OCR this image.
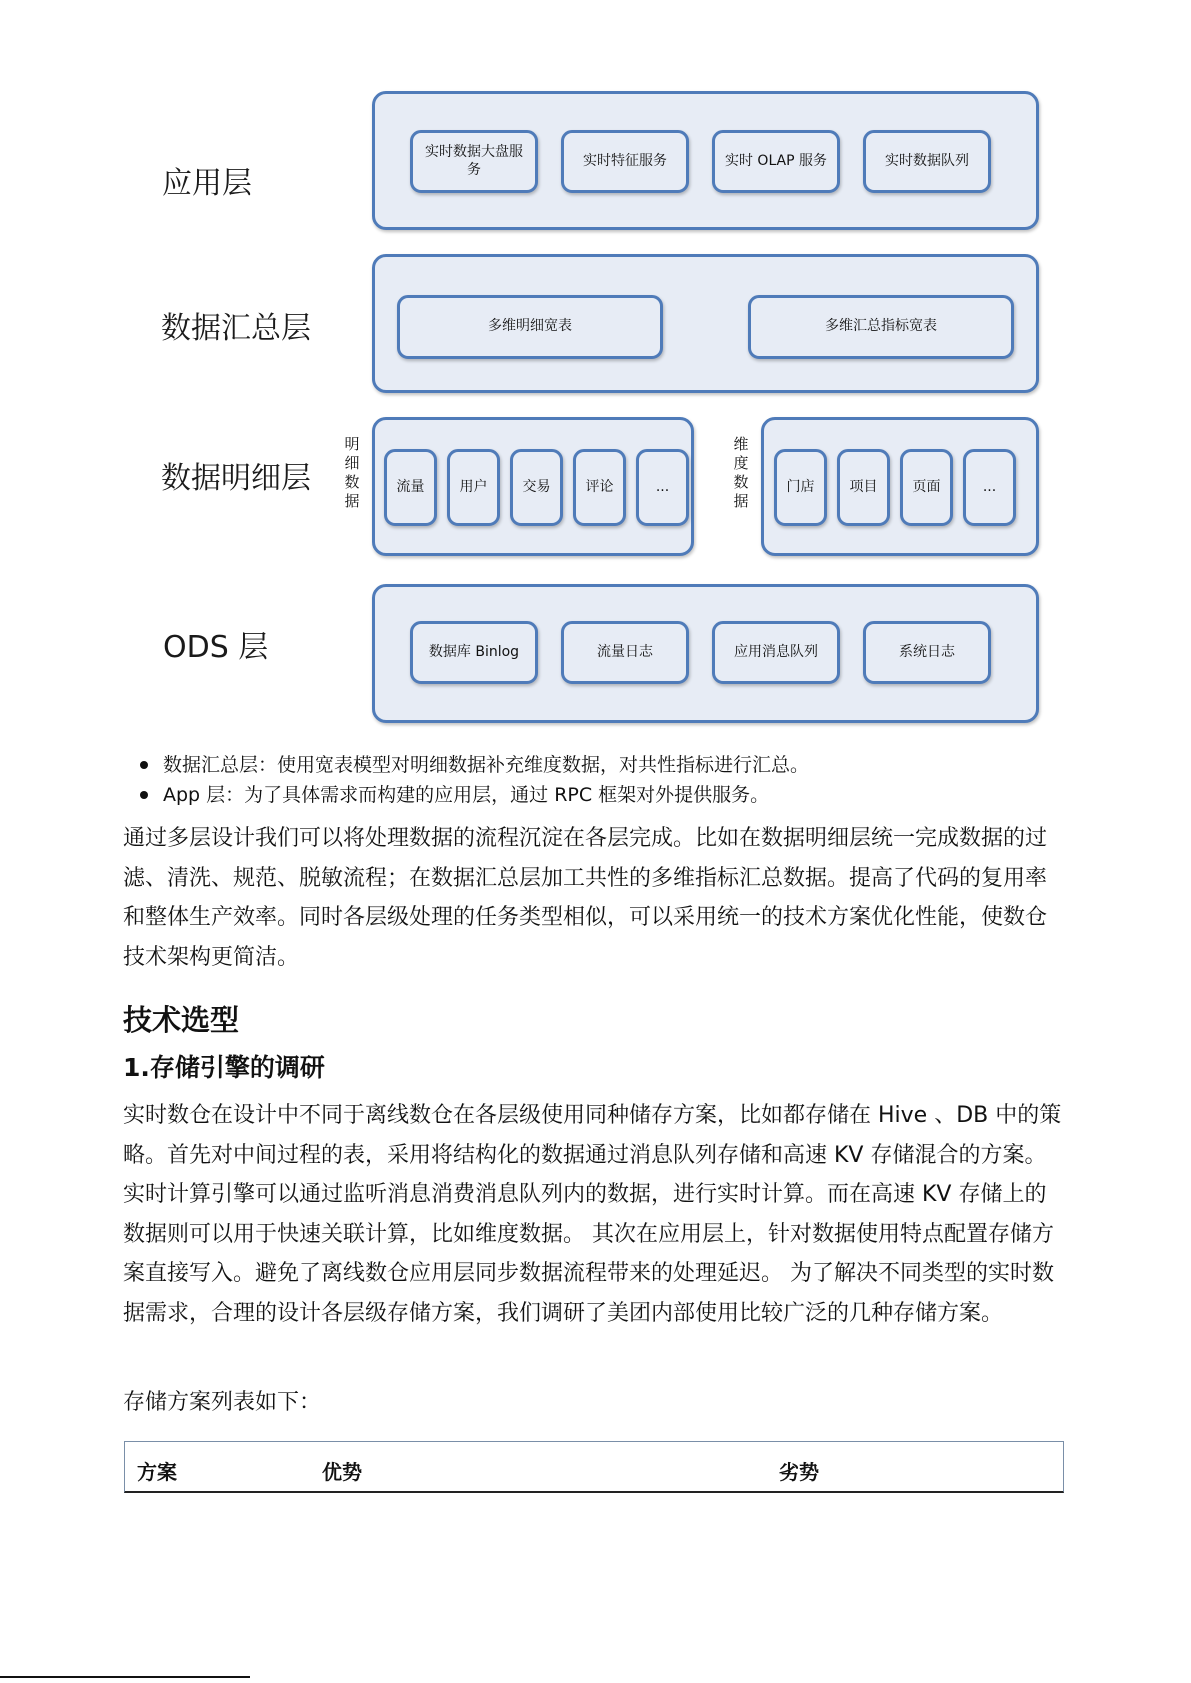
应用层
数据汇总层
数据明细层
ODS 层
实时数据大盘服务
实时特征服务	实时 OLAP 服务	实时数据队列
多维明细宽表	多维汇总指标宽表
明细数据
流量	用户	交易	评论	...
维度数据
门店	项目	页面	...
数据库 Binlog	流量日志	应用消息队列	系统日志
数据汇总层：使用宽表模型对明细数据补充维度数据，对共性指标进行汇总。
App 层：为了具体需求而构建的应用层，通过 RPC 框架对外提供服务。
通过多层设计我们可以将处理数据的流程沉淀在各层完成。比如在数据明细层统一完成数据的过滤、清洗、规范、脱敏流程；在数据汇总层加工共性的多维指标汇总数据。提高了代码的复用率和整体生产效率。同时各层级处理的任务类型相似，可以采用统一的技术方案优化性能，使数仓技术架构更简洁。
技术选型
1.存储引擎的调研
实时数仓在设计中不同于离线数仓在各层级使用同种储存方案，比如都存储在 Hive 、DB 中的策略。首先对中间过程的表，采用将结构化的数据通过消息队列存储和高速 KV 存储混合的方案。实时计算引擎可以通过监听消息消费消息队列内的数据，进行实时计算。而在高速 KV 存储上的数据则可以用于快速关联计算，比如维度数据。 其次在应用层上，针对数据使用特点配置存储方案直接写入。避免了离线数仓应用层同步数据流程带来的处理延迟。 为了解决不同类型的实时数据需求，合理的设计各层级存储方案，我们调研了美团内部使用比较广泛的几种存储方案。
存储方案列表如下：
方案	优势	劣势
